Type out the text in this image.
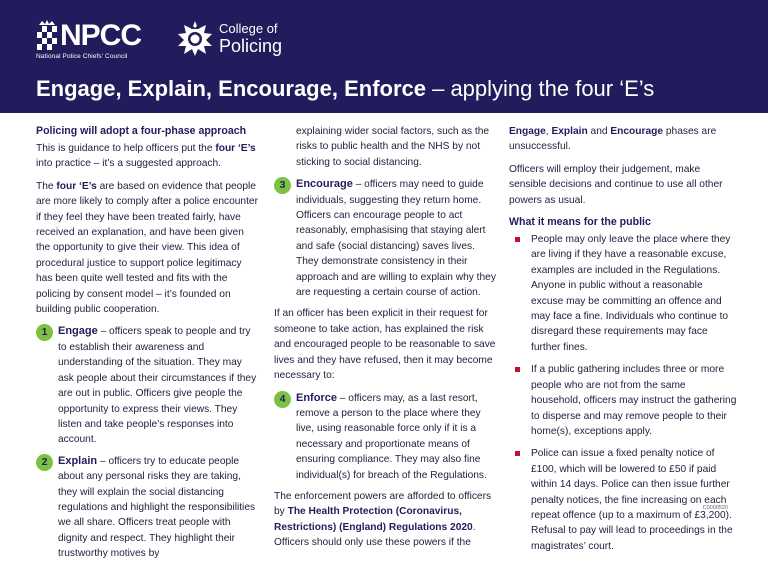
NPCC
National Police Chiefs' Council
College of
Policing
Engage, Explain, Encourage, Enforce – applying the four ‘E’s
Policing will adopt a four-phase approach

This is guidance to help officers put the four ‘E’s into practice – it’s a suggested approach.

The four ‘E’s are based on evidence that people are more likely to comply after a police encounter if they feel they have been treated fairly, have received an explanation, and have been given the opportunity to give their view. This idea of procedural justice to support police legitimacy has been quite well tested and fits with the policing by consent model – it’s founded on building public cooperation.

1 Engage – officers speak to people and try to establish their awareness and understanding of the situation. They may ask people about their circumstances if they are out in public. Officers give people the opportunity to express their views. They listen and take people’s responses into account.
2 Explain – officers try to educate people about any personal risks they are taking, they will explain the social distancing regulations and highlight the responsibilities we all share. Officers treat people with dignity and respect. They highlight their trustworthy motives by

explaining wider social factors, such as the risks to public health and the NHS by not sticking to social distancing.

3 Encourage – officers may need to guide individuals, suggesting they return home. Officers can encourage people to act reasonably, emphasising that staying alert and safe (social distancing) saves lives. They demonstrate consistency in their approach and are willing to explain why they are requesting a certain course of action.

If an officer has been explicit in their request for someone to take action, has explained the risk and encouraged people to be reasonable to save lives and they have refused, then it may become necessary to:

4 Enforce – officers may, as a last resort, remove a person to the place where they live, using reasonable force only if it is a necessary and proportionate means of ensuring compliance. They may also fine individual(s) for breach of the Regulations.

The enforcement powers are afforded to officers by The Health Protection (Coronavirus, Restrictions) (England) Regulations 2020. Officers should only use these powers if the

Engage, Explain and Encourage phases are unsuccessful.

Officers will employ their judgement, make sensible decisions and continue to use all other powers as usual.

What it means for the public
People may only leave the place where they are living if they have a reasonable excuse, examples are included in the Regulations. Anyone in public without a reasonable excuse may be committing an offence and may face a fine. Individuals who continue to disregard these requirements may face further fines.
If a public gathering includes three or more people who are not from the same household, officers may instruct the gathering to disperse and may remove people to their home(s), exceptions apply.
Police can issue a fixed penalty notice of £100, which will be lowered to £50 if paid within 14 days. Police can then issue further penalty notices, the fine increasing on each repeat offence (up to a maximum of £3,200). Refusal to pay will lead to proceedings in the magistrates’ court.
C0000520
